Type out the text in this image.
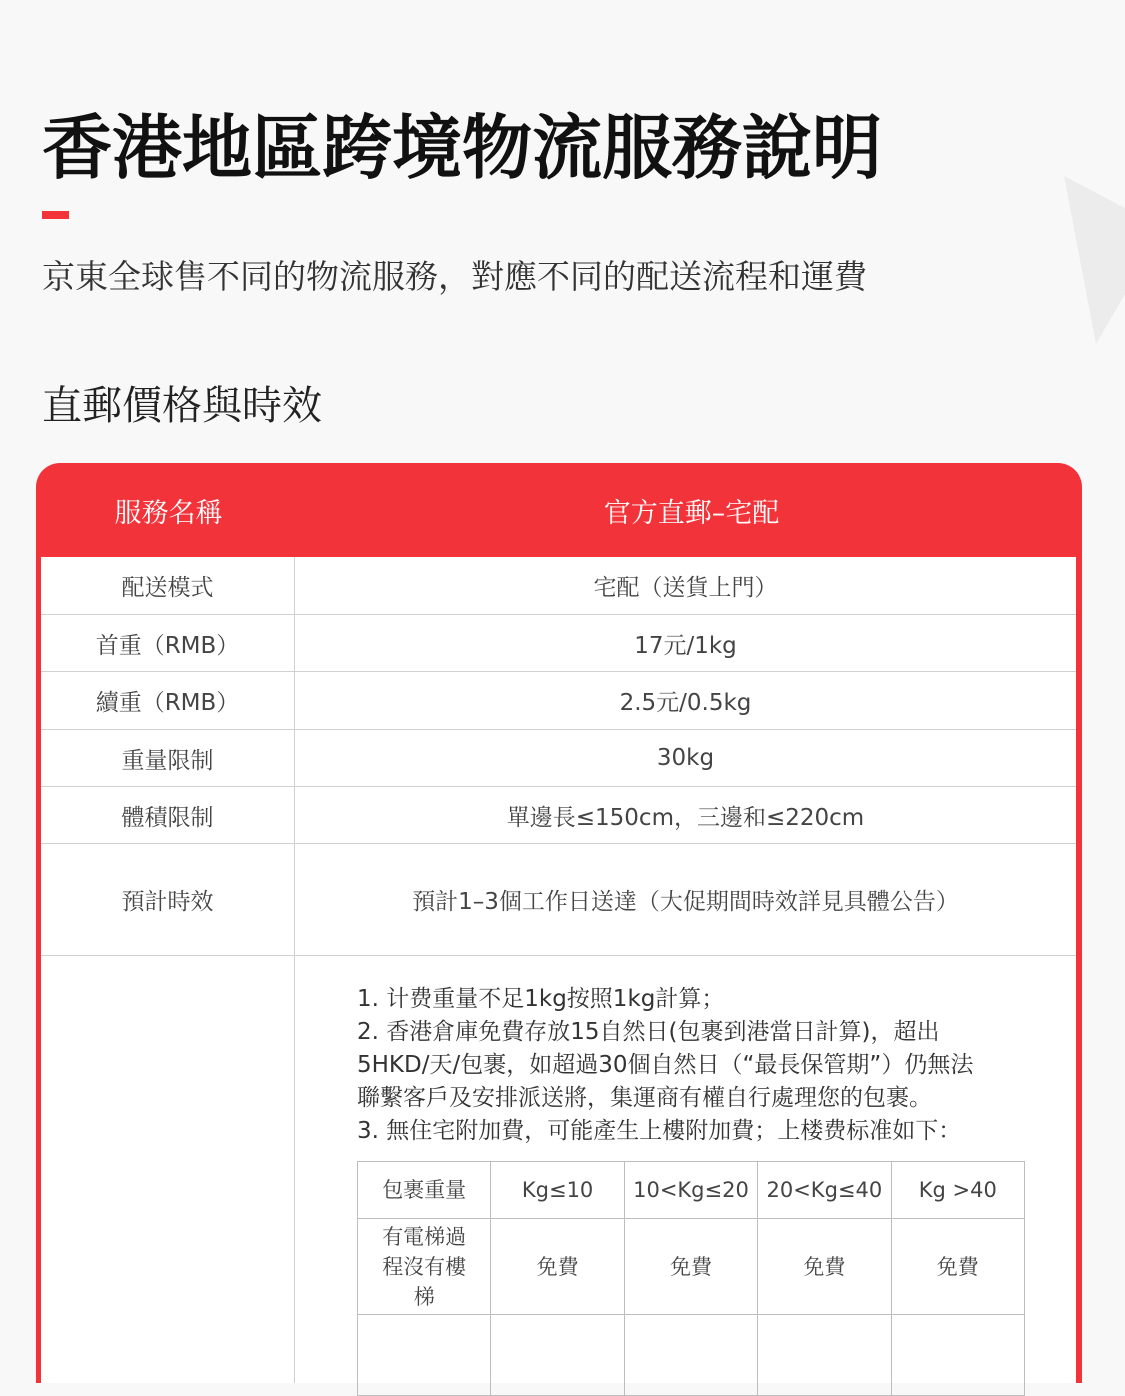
香港地區跨境物流服務說明
京東全球售不同的物流服務，對應不同的配送流程和運費
直郵價格與時效
服務名稱	官方直郵–宅配
配送模式	宅配（送貨上門）
首重（RMB）	17元/1kg
續重（RMB）	2.5元/0.5kg
重量限制	30kg
體積限制	單邊長≤150cm，三邊和≤220cm
預計時效	預計1–3個工作日送達（大促期間時效詳見具體公告）

1. 计费重量不足1kg按照1kg計算；

2. 香港倉庫免費存放15自然日(包裹到港當日計算)，超出

5HKD/天/包裹，如超過30個自然日（“最長保管期”）仍無法

聯繫客戶及安排派送將，集運商有權自行處理您的包裹。

3. 無住宅附加費，可能產生上樓附加費；上楼费标准如下：

包裹重量	Kg≤10	10<Kg≤20	20<Kg≤40	Kg >40
有電梯過程沒有樓梯	免費	免費	免費	免費
